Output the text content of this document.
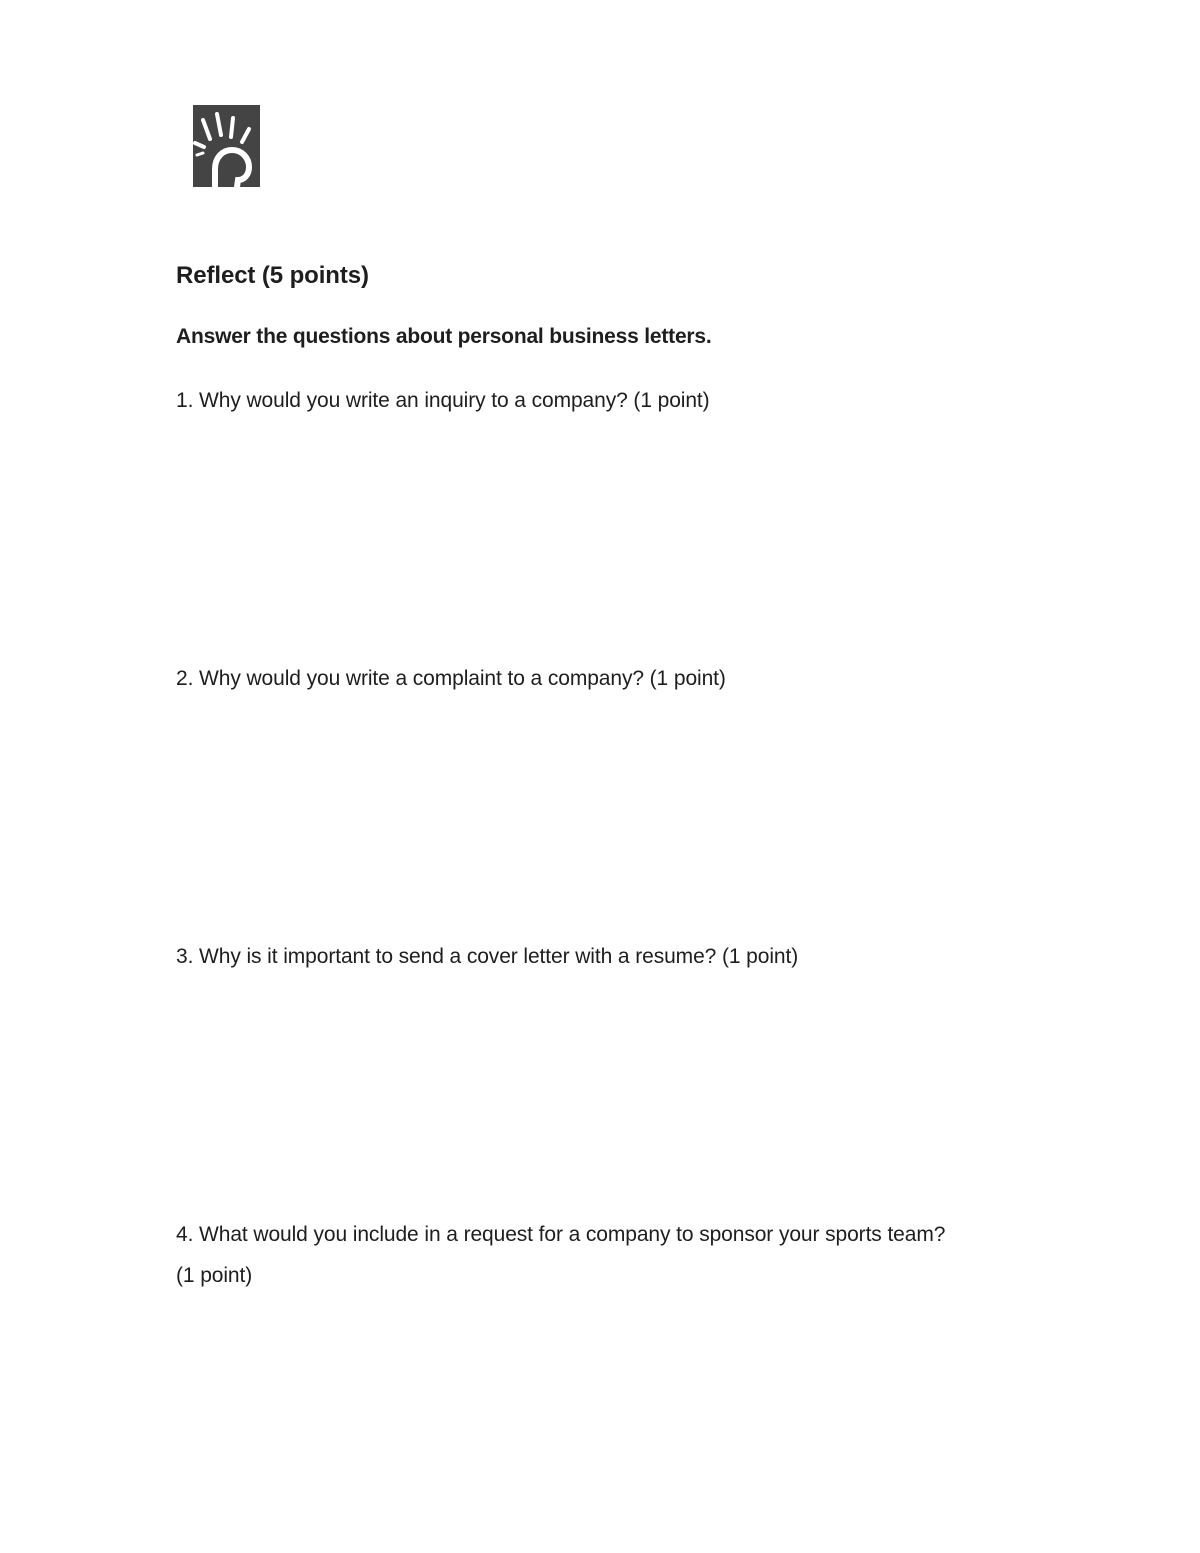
Reflect (5 points)
Answer the questions about personal business letters.
1. Why would you write an inquiry to a company? (1 point)
2. Why would you write a complaint to a company? (1 point)
3. Why is it important to send a cover letter with a resume? (1 point)
4. What would you include in a request for a company to sponsor your sports team?
(1 point)
